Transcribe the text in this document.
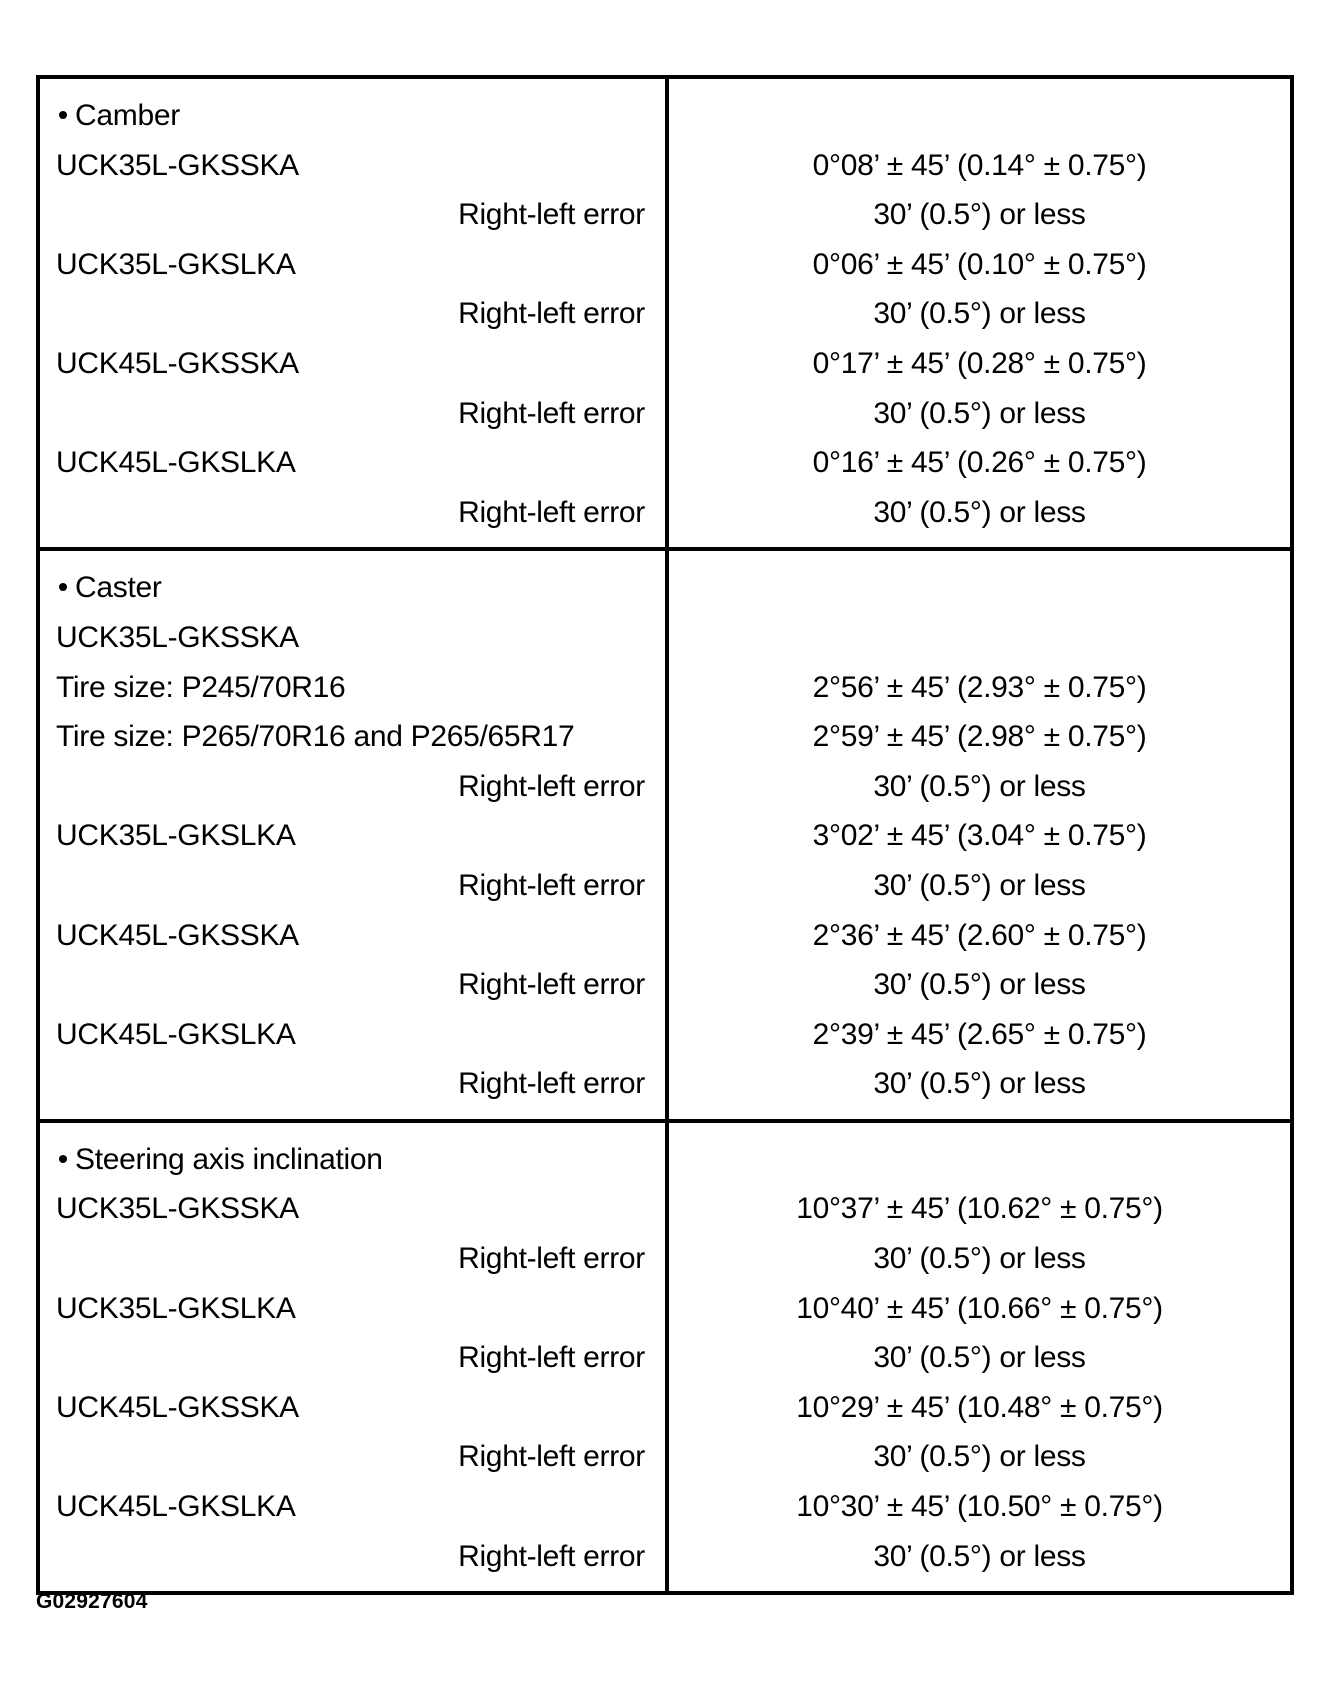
Camber
UCK35L-GKSSKA
Right-left error
UCK35L-GKSLKA
Right-left error
UCK45L-GKSSKA
Right-left error
UCK45L-GKSLKA
Right-left error
0°08’ ± 45’ (0.14° ± 0.75°)
30’ (0.5°) or less
0°06’ ± 45’ (0.10° ± 0.75°)
30’ (0.5°) or less
0°17’ ± 45’ (0.28° ± 0.75°)
30’ (0.5°) or less
0°16’ ± 45’ (0.26° ± 0.75°)
30’ (0.5°) or less
Caster
UCK35L-GKSSKA
Tire size: P245/70R16
Tire size: P265/70R16 and P265/65R17
Right-left error
UCK35L-GKSLKA
Right-left error
UCK45L-GKSSKA
Right-left error
UCK45L-GKSLKA
Right-left error
2°56’ ± 45’ (2.93° ± 0.75°)
2°59’ ± 45’ (2.98° ± 0.75°)
30’ (0.5°) or less
3°02’ ± 45’ (3.04° ± 0.75°)
30’ (0.5°) or less
2°36’ ± 45’ (2.60° ± 0.75°)
30’ (0.5°) or less
2°39’ ± 45’ (2.65° ± 0.75°)
30’ (0.5°) or less
Steering axis inclination
UCK35L-GKSSKA
Right-left error
UCK35L-GKSLKA
Right-left error
UCK45L-GKSSKA
Right-left error
UCK45L-GKSLKA
Right-left error
10°37’ ± 45’ (10.62° ± 0.75°)
30’ (0.5°) or less
10°40’ ± 45’ (10.66° ± 0.75°)
30’ (0.5°) or less
10°29’ ± 45’ (10.48° ± 0.75°)
30’ (0.5°) or less
10°30’ ± 45’ (10.50° ± 0.75°)
30’ (0.5°) or less
G02927604
